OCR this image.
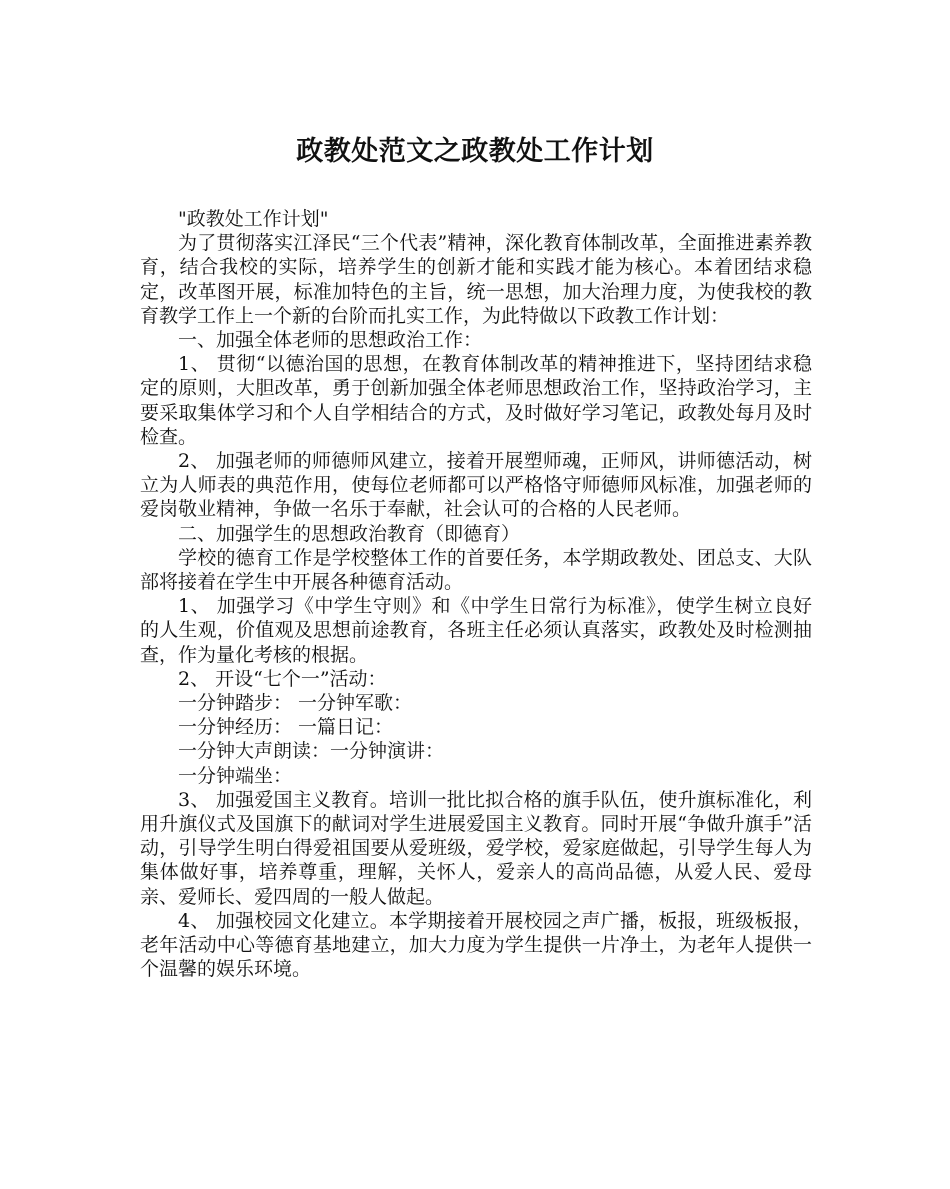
政教处范文之政教处工作计划

"政教处工作计划"

为了贯彻落实江泽民“三个代表”精神，深化教育体制改革，全面推进素养教育，结合我校的实际，培养学生的创新才能和实践才能为核心。本着团结求稳定，改革图开展，标准加特色的主旨，统一思想，加大治理力度，为使我校的教育教学工作上一个新的台阶而扎实工作，为此特做以下政教工作计划：

一、加强全体老师的思想政治工作：

1、 贯彻“以德治国的思想，在教育体制改革的精神推进下，坚持团结求稳定的原则，大胆改革，勇于创新加强全体老师思想政治工作，坚持政治学习，主要采取集体学习和个人自学相结合的方式，及时做好学习笔记，政教处每月及时检查。

2、 加强老师的师德师风建立，接着开展塑师魂，正师风，讲师德活动，树立为人师表的典范作用，使每位老师都可以严格恪守师德师风标准，加强老师的爱岗敬业精神，争做一名乐于奉献，社会认可的合格的人民老师。

二、加强学生的思想政治教育（即德育）

学校的德育工作是学校整体工作的首要任务，本学期政教处、团总支、大队部将接着在学生中开展各种德育活动。

1、 加强学习《中学生守则》和《中学生日常行为标准》，使学生树立良好的人生观，价值观及思想前途教育，各班主任必须认真落实，政教处及时检测抽查，作为量化考核的根据。

2、 开设“七个一”活动：

一分钟踏步： 一分钟军歌：

一分钟经历： 一篇日记：

一分钟大声朗读：一分钟演讲：

一分钟端坐：

3、 加强爱国主义教育。培训一批比拟合格的旗手队伍，使升旗标准化，利用升旗仪式及国旗下的献词对学生进展爱国主义教育。同时开展“争做升旗手”活动，引导学生明白得爱祖国要从爱班级，爱学校，爱家庭做起，引导学生每人为集体做好事，培养尊重，理解，关怀人，爱亲人的高尚品德，从爱人民、爱母亲、爱师长、爱四周的一般人做起。

4、 加强校园文化建立。本学期接着开展校园之声广播，板报，班级板报，老年活动中心等德育基地建立，加大力度为学生提供一片净土，为老年人提供一个温馨的娱乐环境。
